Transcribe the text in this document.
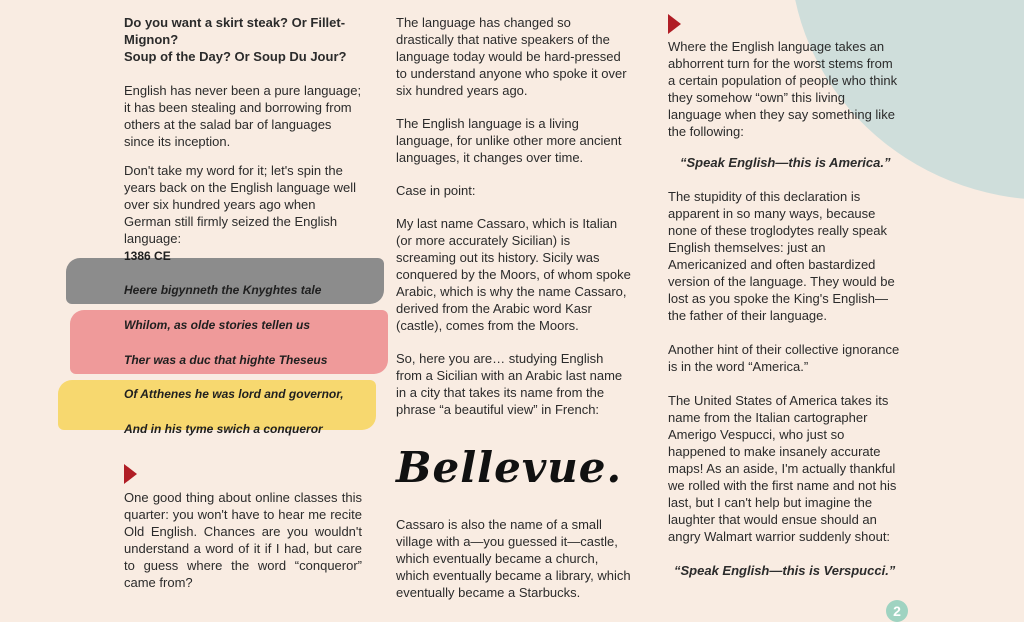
Do you want a skirt steak? Or Fillet-Mignon?

Soup of the Day? Or Soup Du Jour?

English has never been a pure language; it has been stealing and borrowing from others at the salad bar of languages since its inception.

Don't take my word for it; let's spin the years back on the English language well over six hundred years ago when German still firmly seized the English language:

1386 CE
Heere bigynneth the Knyghtes tale
Whilom, as olde stories tellen us
Ther was a duc that highte Theseus
Of Atthenes he was lord and governor,
And in his tyme swich a conqueror

One good thing about online classes this quarter: you won't have to hear me recite Old English. Chances are you wouldn't understand a word of it if I had, but care to guess where the word “conqueror” came from?

The language has changed so drastically that native speakers of the language today would be hard-pressed to understand anyone who spoke it over six hundred years ago.

The English language is a living language, for unlike other more ancient languages, it changes over time.

Case in point:

My last name Cassaro, which is Italian (or more accurately Sicilian) is screaming out its history. Sicily was conquered by the Moors, of whom spoke Arabic, which is why the name Cassaro, derived from the Arabic word Kasr (castle), comes from the Moors.

So, here you are… studying English from a Sicilian with an Arabic last name in a city that takes its name from the phrase “a beautiful view” in French:

Bellevue.

Cassaro is also the name of a small village with a—you guessed it—castle, which eventually became a church, which eventually became a library, which eventually became a Starbucks.

Where the English language takes an abhorrent turn for the worst stems from a certain population of people who think they somehow “own” this living language when they say something like the following:

“Speak English—this is America.”

The stupidity of this declaration is apparent in so many ways, because none of these troglodytes really speak English themselves: just an Americanized and often bastardized version of the language. They would be lost as you spoke the King's English—the father of their language.

Another hint of their collective ignorance is in the word “America.”

The United States of America takes its name from the Italian cartographer Amerigo Vespucci, who just so happened to make insanely accurate maps! As an aside, I'm actually thankful we rolled with the first name and not his last, but I can't help but imagine the laughter that would ensue should an angry Walmart warrior suddenly shout:

“Speak English—this is Verspucci.”

2
